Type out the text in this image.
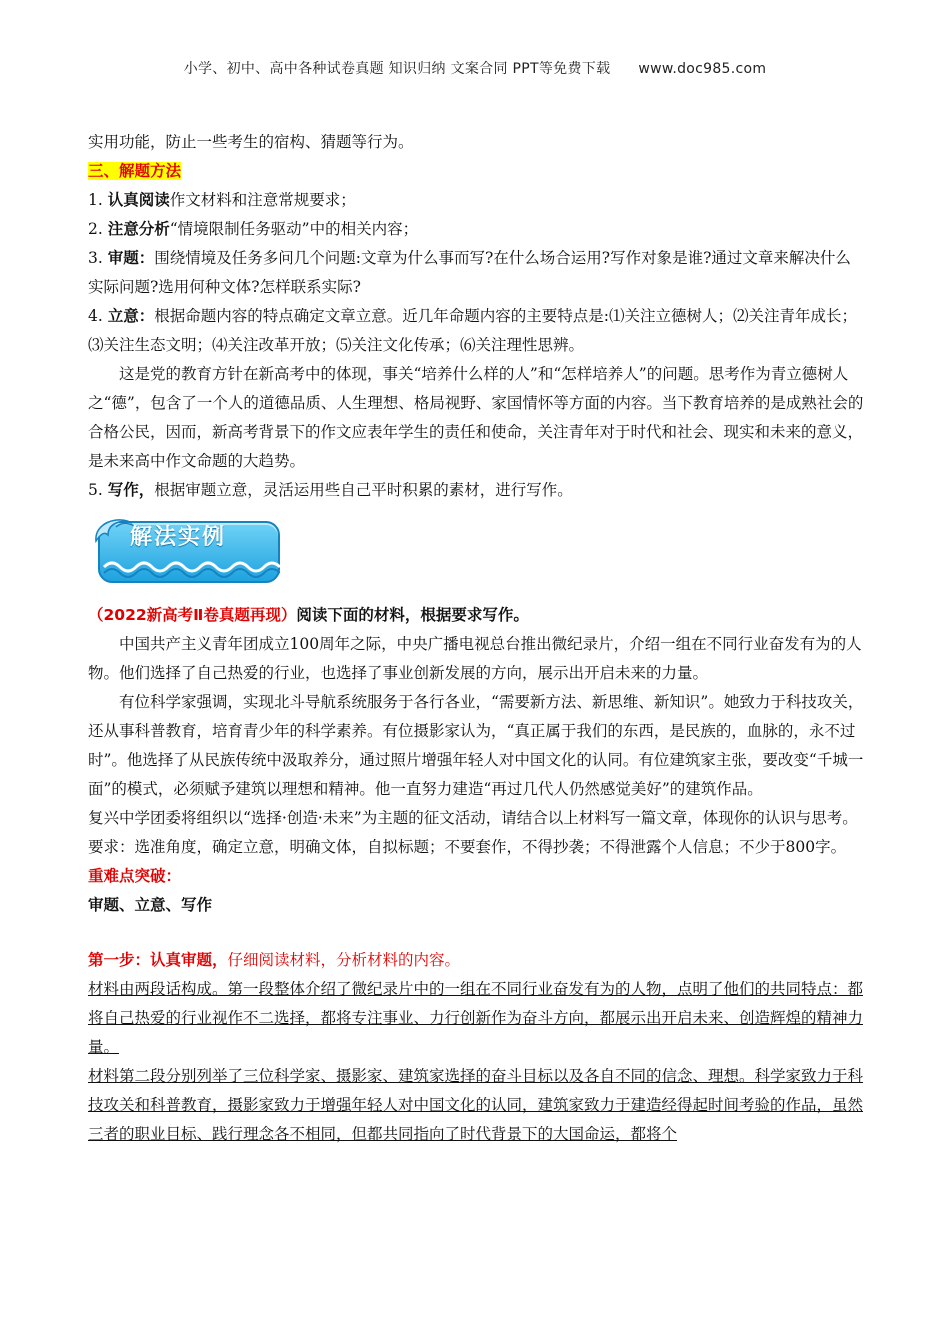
小学、初中、高中各种试卷真题 知识归纳 文案合同 PPT等免费下载 www.doc985.com

实用功能，防止一些考生的宿构、猜题等行为。

三、解题方法

1. 认真阅读作文材料和注意常规要求；

2. 注意分析“情境限制任务驱动”中的相关内容；

3. 审题：围绕情境及任务多问几个问题:文章为什么事而写?在什么场合运用?写作对象是谁?通过文章来解决什么实际问题?选用何种文体?怎样联系实际?

4. 立意：根据命题内容的特点确定文章立意。近几年命题内容的主要特点是:⑴关注立德树人；⑵关注青年成长；⑶关注生态文明；⑷关注改革开放；⑸关注文化传承；⑹关注理性思辨。

这是党的教育方针在新高考中的体现，事关“培养什么样的人”和“怎样培养人”的问题。思考作为青立德树人之“德”，包含了一个人的道德品质、人生理想、格局视野、家国情怀等方面的内容。当下教育培养的是成熟社会的合格公民，因而，新高考背景下的作文应表年学生的责任和使命，关注青年对于时代和社会、现实和未来的意义，是未来高中作文命题的大趋势。

5. 写作，根据审题立意，灵活运用些自己平时积累的素材，进行写作。

解法实例

（2022新高考Ⅱ卷真题再现）阅读下面的材料，根据要求写作。

中国共产主义青年团成立100周年之际，中央广播电视总台推出微纪录片，介绍一组在不同行业奋发有为的人物。他们选择了自己热爱的行业，也选择了事业创新发展的方向，展示出开启未来的力量。

有位科学家强调，实现北斗导航系统服务于各行各业，“需要新方法、新思维、新知识”。她致力于科技攻关，还从事科普教育，培育青少年的科学素养。有位摄影家认为，“真正属于我们的东西，是民族的，血脉的，永不过时”。他选择了从民族传统中汲取养分，通过照片增强年轻人对中国文化的认同。有位建筑家主张，要改变“千城一面”的模式，必须赋予建筑以理想和精神。他一直努力建造“再过几代人仍然感觉美好”的建筑作品。

复兴中学团委将组织以“选择·创造·未来”为主题的征文活动，请结合以上材料写一篇文章，体现你的认识与思考。

要求：选准角度，确定立意，明确文体，自拟标题；不要套作，不得抄袭；不得泄露个人信息；不少于800字。

重难点突破：

审题、立意、写作

第一步：认真审题，仔细阅读材料，分析材料的内容。

材料由两段话构成。第一段整体介绍了微纪录片中的一组在不同行业奋发有为的人物，点明了他们的共同特点：都将自己热爱的行业视作不二选择，都将专注事业、力行创新作为奋斗方向，都展示出开启未来、创造辉煌的精神力量。

材料第二段分别列举了三位科学家、摄影家、建筑家选择的奋斗目标以及各自不同的信念、理想。科学家致力于科技攻关和科普教育，摄影家致力于增强年轻人对中国文化的认同，建筑家致力于建造经得起时间考验的作品，虽然三者的职业目标、践行理念各不相同，但都共同指向了时代背景下的大国命运，都将个
